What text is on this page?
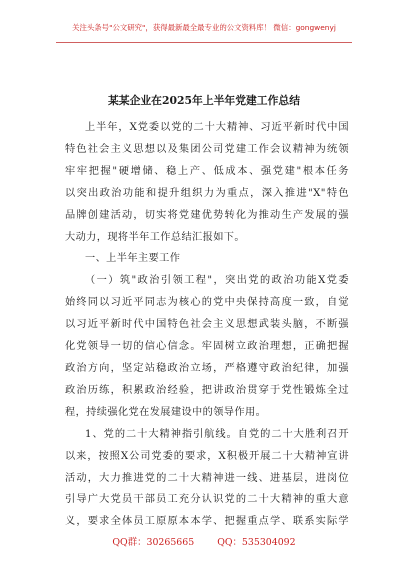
关注头条号"公文研究"，获得最新最全最专业的公文资料库！ 微信：gongwenyj
某某企业在2025年上半年党建工作总结
上半年，X党委以党的二十大精神、习近平新时代中国
特色社会主义思想以及集团公司党建工作会议精神为统领
牢牢把握"硬增储、稳上产、低成本、强党建"根本任务
以突出政治功能和提升组织力为重点，深入推进"X"特色
品牌创建活动，切实将党建优势转化为推动生产发展的强
大动力，现将半年工作总结汇报如下。
一、上半年主要工作
（一）筑"政治引领工程"，突出党的政治功能X党委
始终同以习近平同志为核心的党中央保持高度一致，自觉
以习近平新时代中国特色社会主义思想武装头脑，不断强
化党领导一切的信心信念。牢固树立政治理想，正确把握
政治方向，坚定站稳政治立场，严格遵守政治纪律，加强
政治历练，积累政治经验，把讲政治贯穿于党性锻炼全过
程，持续强化党在发展建设中的领导作用。
1、党的二十大精神指引航线。自党的二十大胜利召开
以来，按照X公司党委的要求，X积极开展二十大精神宣讲
活动，大力推进党的二十大精神进一线、进基层，进岗位
引导广大党员干部员工充分认识党的二十大精神的重大意
义，要求全体员工原原本本学、把握重点学、联系实际学
QQ群：30265665 QQ：535304092
